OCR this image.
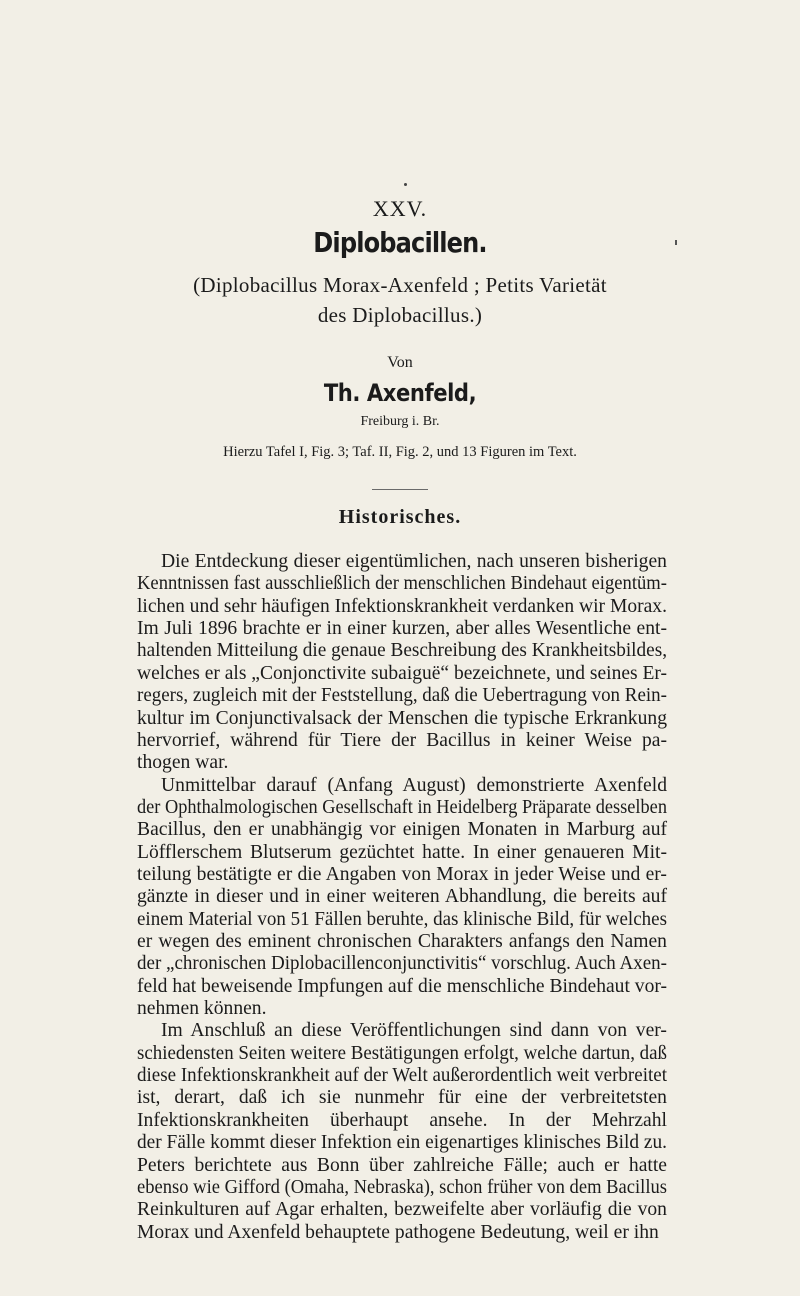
XXV.
Diplobacillen.
(Diplobacillus Morax-Axenfeld ; Petits Varietät
des Diplobacillus.)
Von
Th. Axenfeld,
Freiburg i. Br.
Hierzu Tafel I, Fig. 3; Taf. II, Fig. 2, und 13 Figuren im Text.
Historisches.
Die Entdeckung dieser eigentümlichen, nach unseren bisherigen
Kenntnissen fast ausschließlich der menschlichen Bindehaut eigentüm-
lichen und sehr häufigen Infektionskrankheit verdanken wir Morax.
Im Juli 1896 brachte er in einer kurzen, aber alles Wesentliche ent-
haltenden Mitteilung die genaue Beschreibung des Krankheitsbildes,
welches er als „Conjonctivite subaiguë“ bezeichnete, und seines Er-
regers, zugleich mit der Feststellung, daß die Uebertragung von Rein-
kultur im Conjunctivalsack der Menschen die typische Erkrankung
hervorrief, während für Tiere der Bacillus in keiner Weise pa-
thogen war.
Unmittelbar darauf (Anfang August) demonstrierte Axenfeld
der Ophthalmologischen Gesellschaft in Heidelberg Präparate desselben
Bacillus, den er unabhängig vor einigen Monaten in Marburg auf
Löfflerschem Blutserum gezüchtet hatte. In einer genaueren Mit-
teilung bestätigte er die Angaben von Morax in jeder Weise und er-
gänzte in dieser und in einer weiteren Abhandlung, die bereits auf
einem Material von 51 Fällen beruhte, das klinische Bild, für welches
er wegen des eminent chronischen Charakters anfangs den Namen
der „chronischen Diplobacillenconjunctivitis“ vorschlug. Auch Axen-
feld hat beweisende Impfungen auf die menschliche Bindehaut vor-
nehmen können.
Im Anschluß an diese Veröffentlichungen sind dann von ver-
schiedensten Seiten weitere Bestätigungen erfolgt, welche dartun, daß
diese Infektionskrankheit auf der Welt außerordentlich weit verbreitet
ist, derart, daß ich sie nunmehr für eine der verbreitetsten
Infektionskrankheiten überhaupt ansehe. In der Mehrzahl
der Fälle kommt dieser Infektion ein eigenartiges klinisches Bild zu.
Peters berichtete aus Bonn über zahlreiche Fälle; auch er hatte
ebenso wie Gifford (Omaha, Nebraska), schon früher von dem Bacillus
Reinkulturen auf Agar erhalten, bezweifelte aber vorläufig die von
Morax und Axenfeld behauptete pathogene Bedeutung, weil er ihn
